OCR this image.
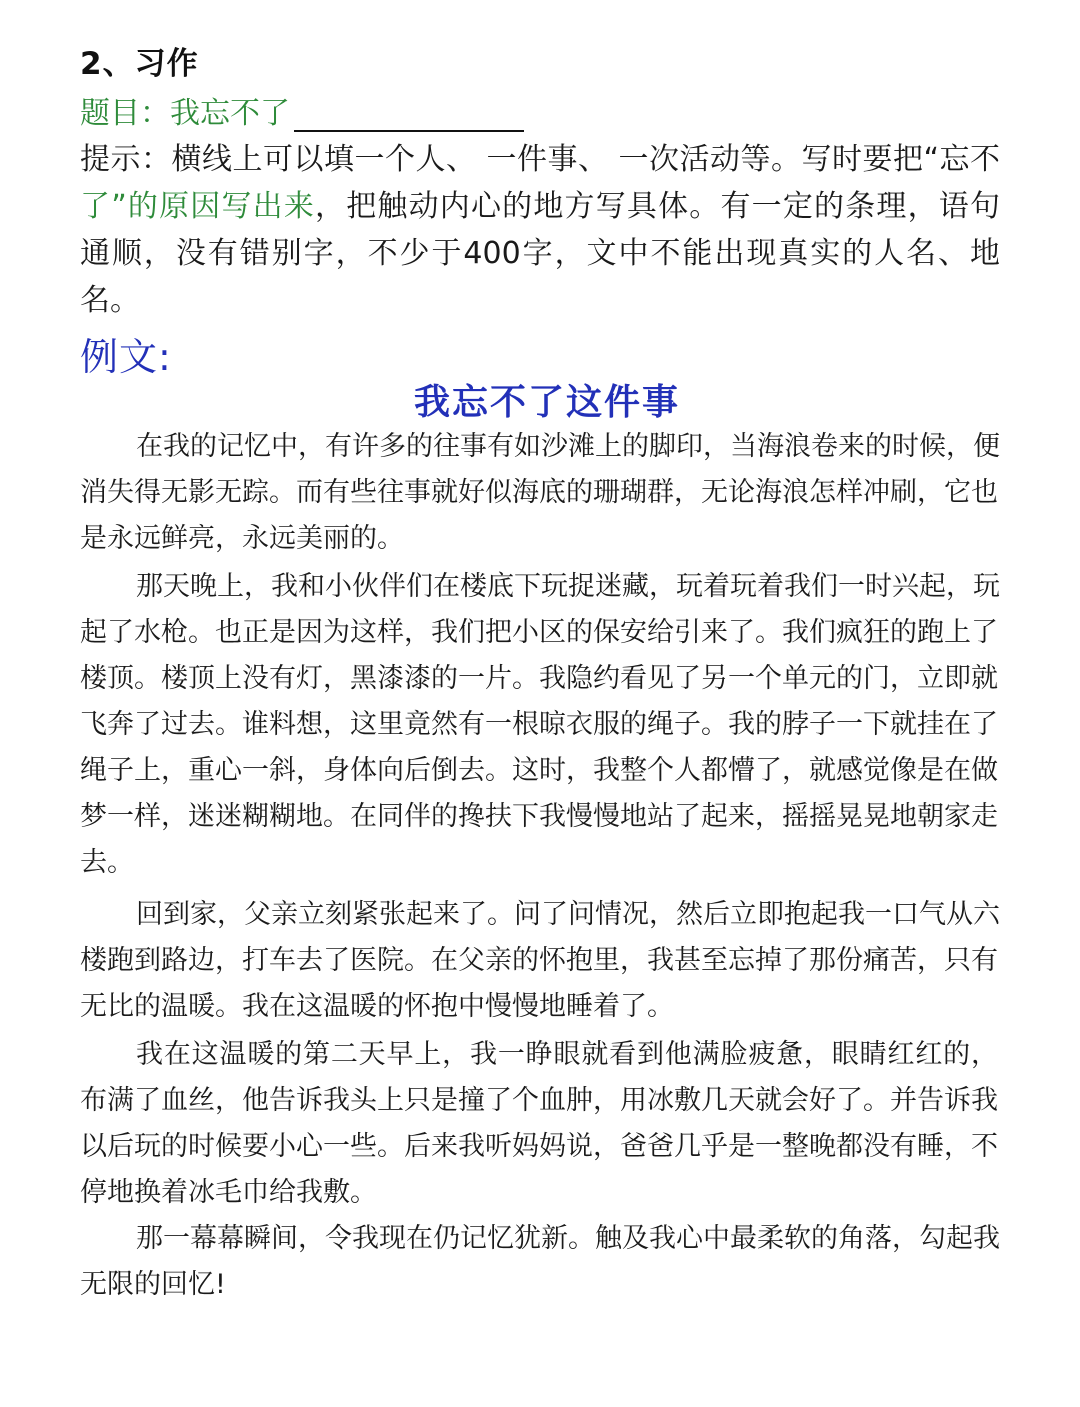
2、习作
题目：我忘不了
提示：横线上可以填一个人、 一件事、 一次活动等。写时要把“忘不
了”的原因写出来，把触动内心的地方写具体。有一定的条理，语句
通顺，没有错别字，不少于400字，文中不能出现真实的人名、地
名。
例文:
我忘不了这件事
在我的记忆中，有许多的往事有如沙滩上的脚印，当海浪卷来的时候，便
消失得无影无踪。而有些往事就好似海底的珊瑚群，无论海浪怎样冲刷，它也
是永远鲜亮，永远美丽的。
那天晚上，我和小伙伴们在楼底下玩捉迷藏，玩着玩着我们一时兴起，玩
起了水枪。也正是因为这样，我们把小区的保安给引来了。我们疯狂的跑上了
楼顶。楼顶上没有灯，黑漆漆的一片。我隐约看见了另一个单元的门，立即就
飞奔了过去。谁料想，这里竟然有一根晾衣服的绳子。我的脖子一下就挂在了
绳子上，重心一斜，身体向后倒去。这时，我整个人都懵了，就感觉像是在做
梦一样，迷迷糊糊地。在同伴的搀扶下我慢慢地站了起来，摇摇晃晃地朝家走
去。
回到家，父亲立刻紧张起来了。问了问情况，然后立即抱起我一口气从六
楼跑到路边，打车去了医院。在父亲的怀抱里，我甚至忘掉了那份痛苦，只有
无比的温暖。我在这温暖的怀抱中慢慢地睡着了。
我在这温暖的第二天早上，我一睁眼就看到他满脸疲惫，眼睛红红的，
布满了血丝，他告诉我头上只是撞了个血肿，用冰敷几天就会好了。并告诉我
以后玩的时候要小心一些。后来我听妈妈说，爸爸几乎是一整晚都没有睡，不
停地换着冰毛巾给我敷。
那一幕幕瞬间，令我现在仍记忆犹新。触及我心中最柔软的角落，勾起我
无限的回忆!
